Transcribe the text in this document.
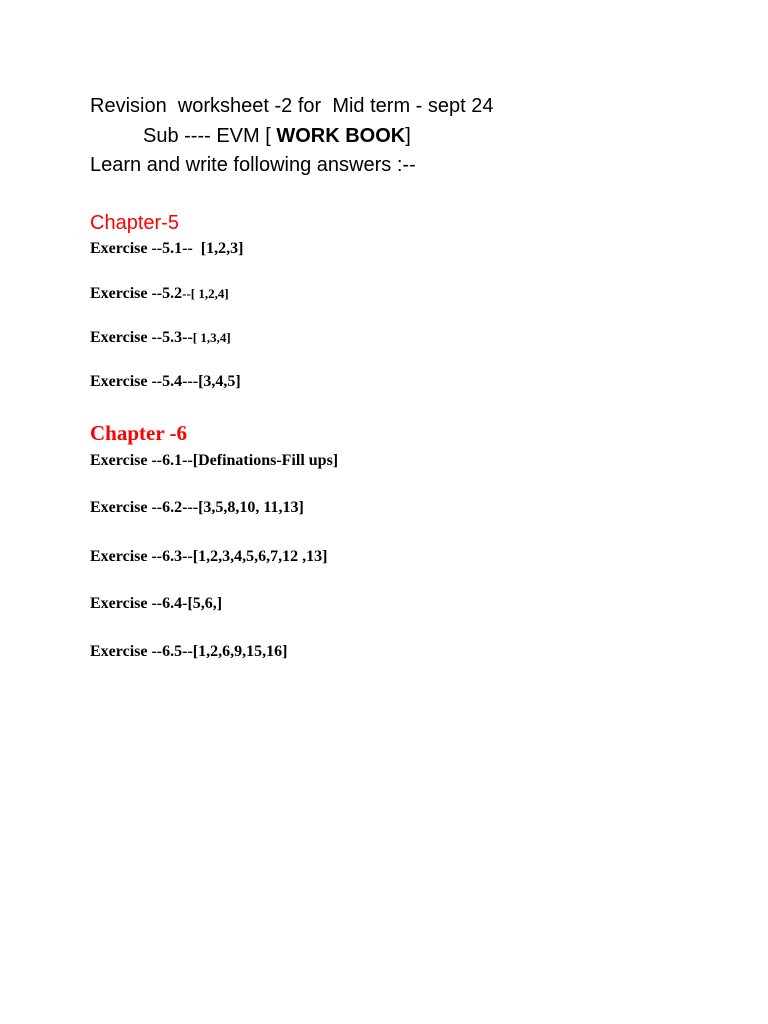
Revision  worksheet -2 for  Mid term - sept 24
Sub ---- EVM [ WORK BOOK]
Learn and write following answers :--
Chapter-5
Exercise --5.1--  [1,2,3]
Exercise --5.2--[ 1,2,4]
Exercise --5.3--[ 1,3,4]
Exercise --5.4---[3,4,5]
Chapter -6
Exercise --6.1--[Definations-Fill ups]
Exercise --6.2---[3,5,8,10, 11,13]
Exercise --6.3--[1,2,3,4,5,6,7,12 ,13]
Exercise --6.4-[5,6,]
Exercise --6.5--[1,2,6,9,15,16]
